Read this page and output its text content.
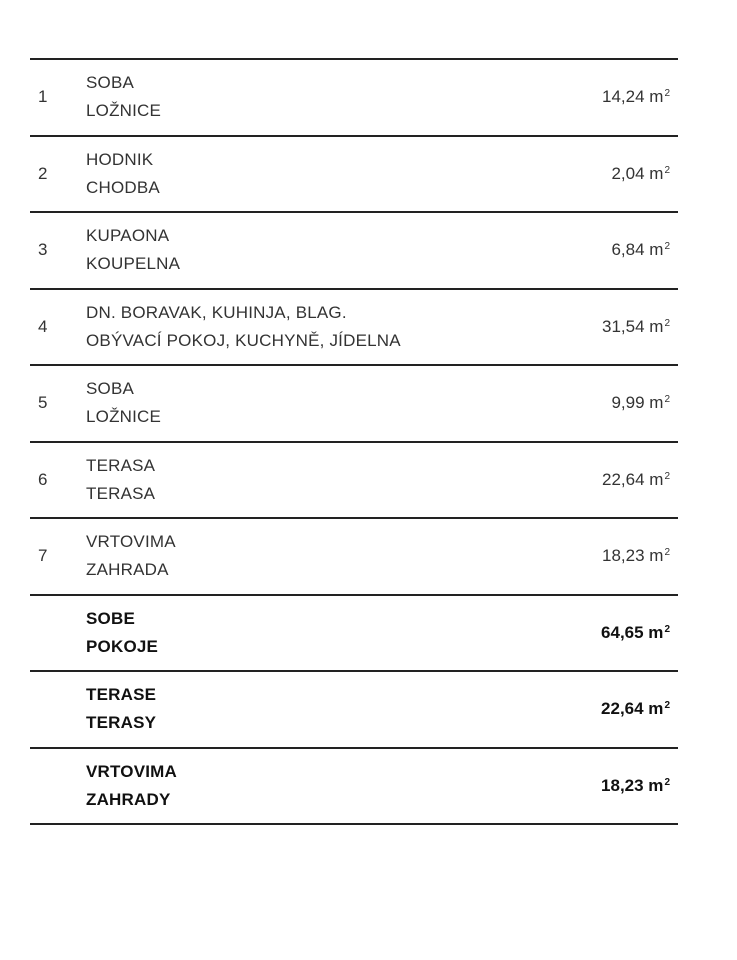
1
SOBA
LOŽNICE
14,24 $m^2$
2
HODNIK
CHODBA
2,04 $m^2$
3
KUPAONA
KOUPELNA
6,84 $m^2$
4
DN. BORAVAK, KUHINJA, BLAG.
OBÝVACÍ POKOJ, KUCHYNĚ, JÍDELNA
31,54 $m^2$
5
SOBA
LOŽNICE
9,99 $m^2$
6
TERASA
TERASA
22,64 $m^2$
7
VRTOVIMA
ZAHRADA
18,23 $m^2$
SOBE
POKOJE
64,65 $m^2$
TERASE
TERASY
22,64 $m^2$
VRTOVIMA
ZAHRADY
18,23 $m^2$
